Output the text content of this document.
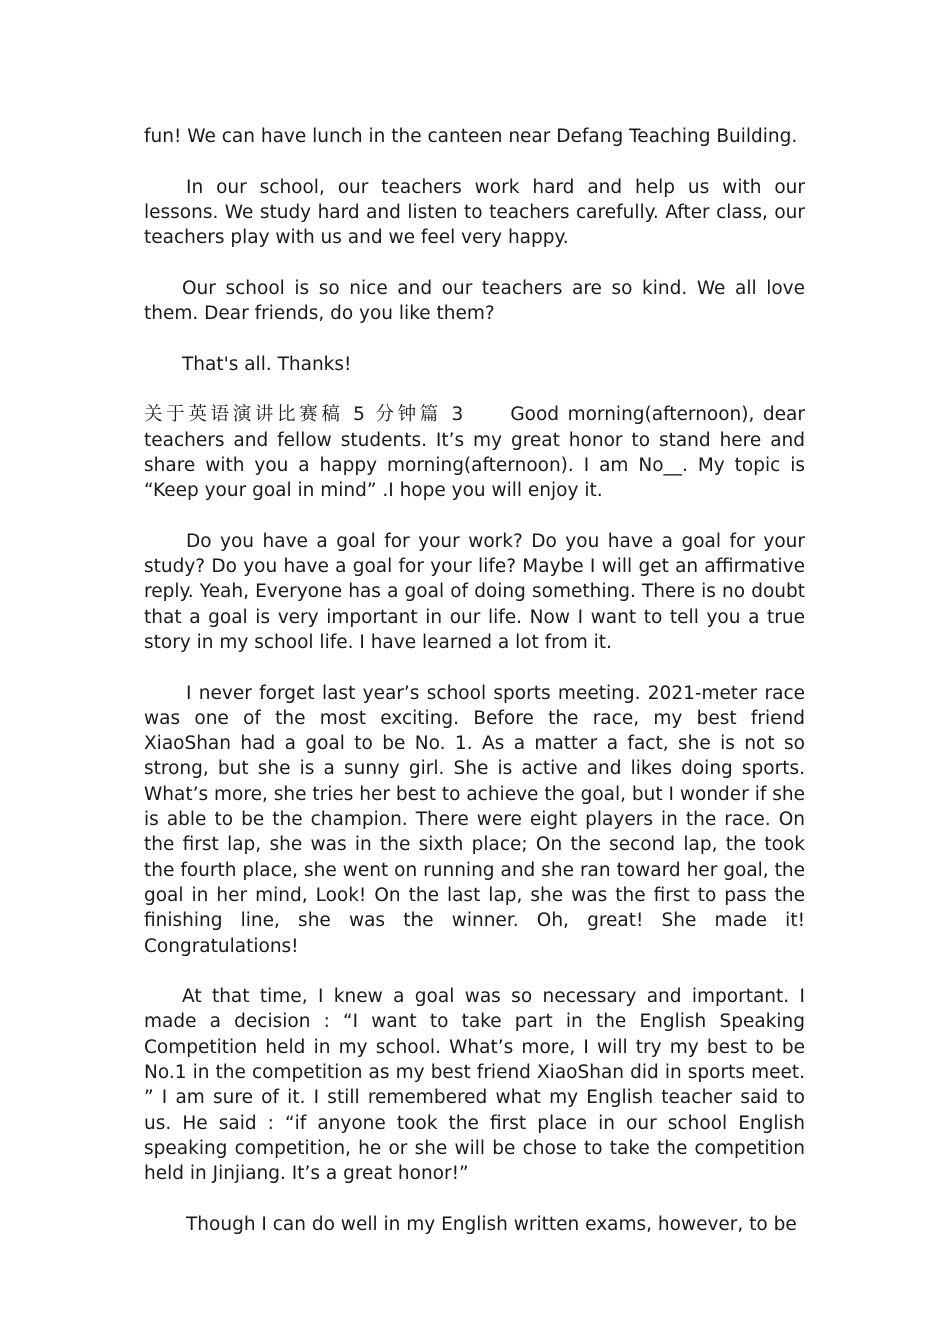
fun! We can have lunch in the canteen near Defang Teaching Building.

In our school, our teachers work hard and help us with our lessons. We study hard and listen to teachers carefully. After class, our teachers play with us and we feel very happy.

Our school is so nice and our teachers are so kind. We all love them. Dear friends, do you like them?

That's all. Thanks!

关于英语演讲比赛稿 5 分钟篇 3 Good morning(afternoon), dear teachers and fellow students. It’s my great honor to stand here and share with you a happy morning(afternoon). I am No__. My topic is “Keep your goal in mind” .I hope you will enjoy it.

Do you have a goal for your work? Do you have a goal for your study? Do you have a goal for your life? Maybe I will get an affirmative reply. Yeah, Everyone has a goal of doing something. There is no doubt that a goal is very important in our life. Now I want to tell you a true story in my school life. I have learned a lot from it.

I never forget last year’s school sports meeting. 2021-meter race was one of the most exciting. Before the race, my best friend XiaoShan had a goal to be No. 1. As a matter a fact, she is not so strong, but she is a sunny girl. She is active and likes doing sports. What’s more, she tries her best to achieve the goal, but I wonder if she is able to be the champion. There were eight players in the race. On the first lap, she was in the sixth place; On the second lap, the took the fourth place, she went on running and she ran toward her goal, the goal in her mind, Look! On the last lap, she was the first to pass the finishing line, she was the winner. Oh, great! She made it! Congratulations!

At that time, I knew a goal was so necessary and important. I made a decision : “I want to take part in the English Speaking Competition held in my school. What’s more, I will try my best to be No.1 in the competition as my best friend XiaoShan did in sports meet. ” I am sure of it. I still remembered what my English teacher said to us. He said : “if anyone took the first place in our school English speaking competition, he or she will be chose to take the competition held in Jinjiang. It’s a great honor!”

Though I can do well in my English written exams, however, to be
